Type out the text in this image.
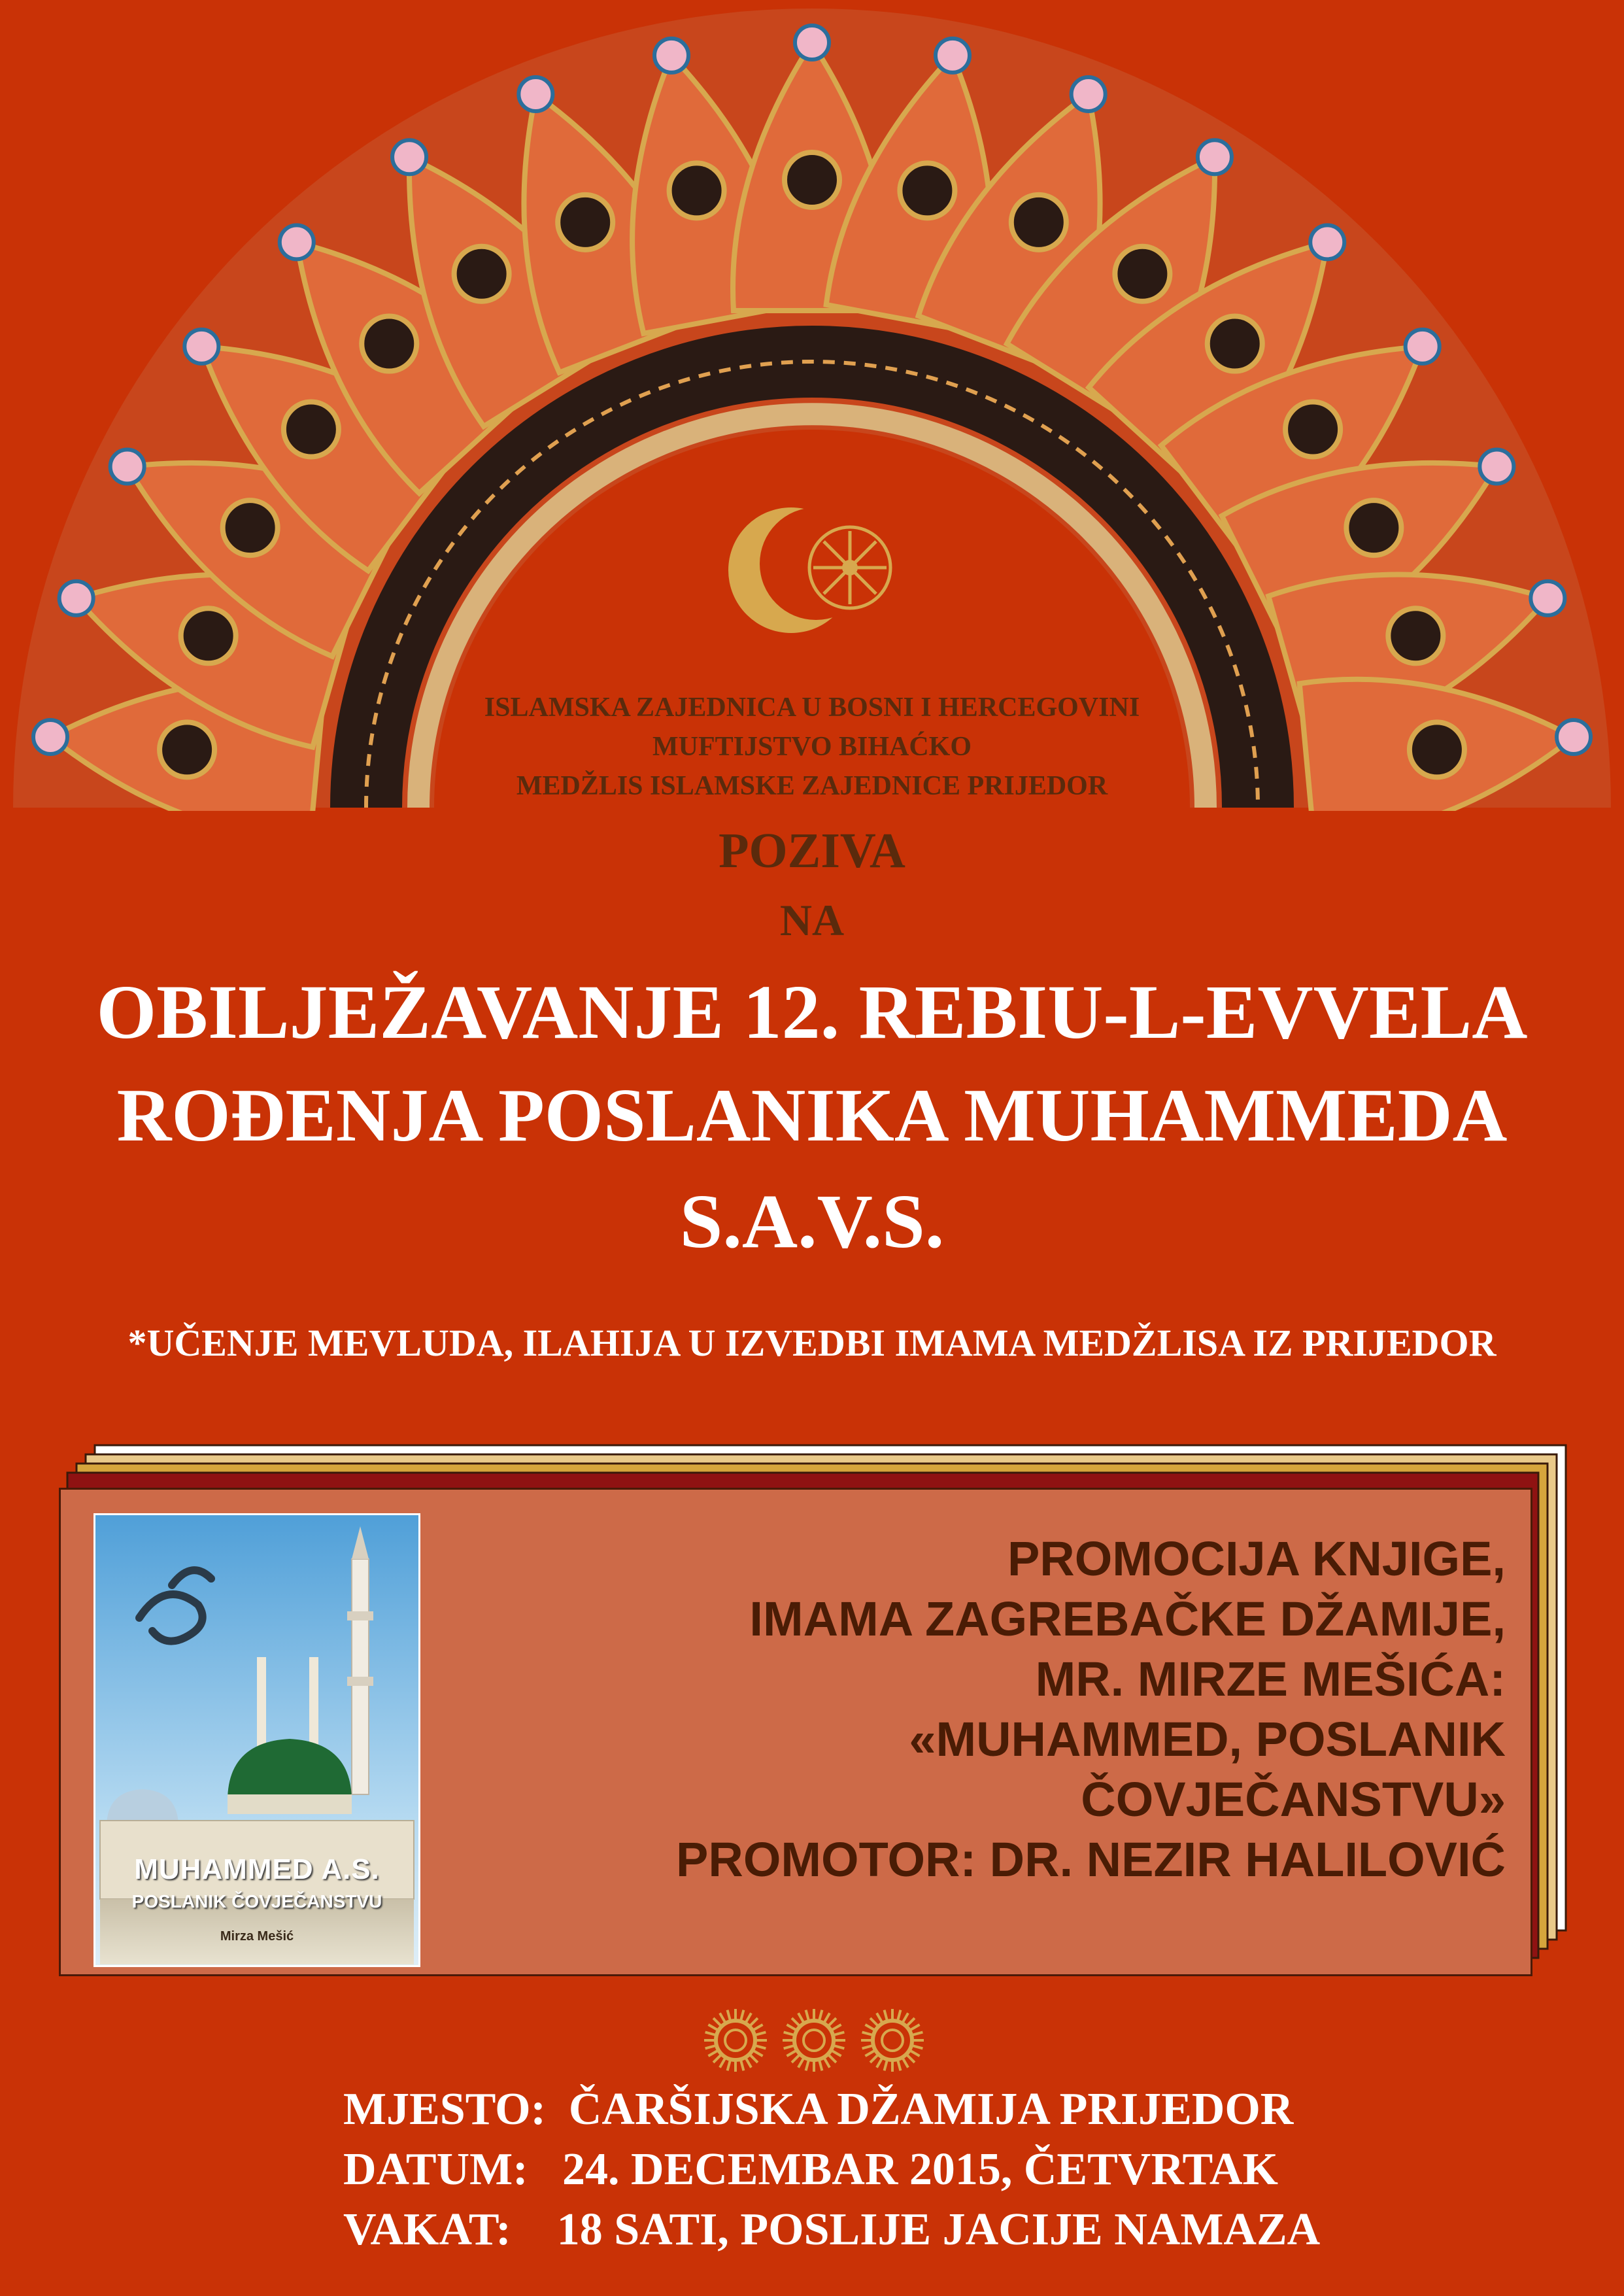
ISLAMSKA ZAJEDNICA U BOSNI I HERCEGOVINI
MUFTIJSTVO BIHAĆKO
MEDŽLIS ISLAMSKE ZAJEDNICE PRIJEDOR
POZIVA
NA
OBILJEŽAVANJE 12. REBIU-L-EVVELA
ROĐENJA POSLANIKA MUHAMMEDA
S.A.V.S.
*UČENJE MEVLUDA, ILAHIJA U IZVEDBI IMAMA MEDŽLISA IZ PRIJEDOR
MUHAMMED A.S.
POSLANIK ČOVJEČANSTVU
Mirza Mešić
PROMOCIJA KNJIGE,
IMAMA ZAGREBAČKE DŽAMIJE,
MR. MIRZE MEŠIĆA:
«MUHAMMED, POSLANIK
ČOVJEČANSTVU»
PROMOTOR: DR. NEZIR HALILOVIĆ
MJESTO: ČARŠIJSKA DŽAMIJA PRIJEDOR
DATUM: 24. DECEMBAR 2015, ČETVRTAK
VAKAT: 18 SATI, POSLIJE JACIJE NAMAZA
